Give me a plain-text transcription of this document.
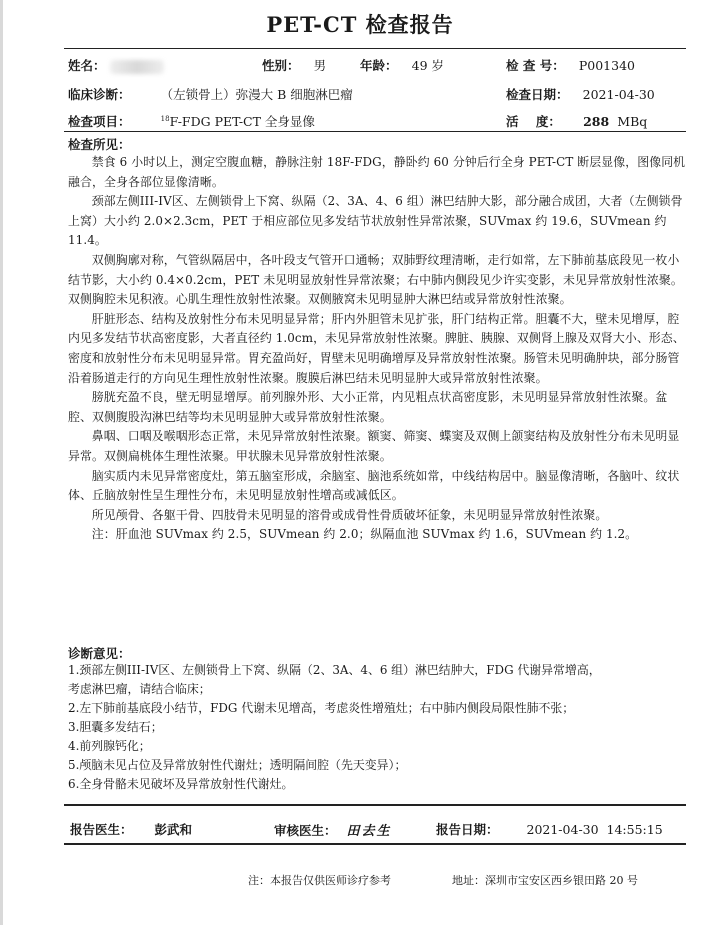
PET-CT 检查报告
姓名：	性别： 男	年龄： 49 岁	检 查 号： P001340
临床诊断： （左锁骨上）弥漫大 B 细胞淋巴瘤	检查日期： 2021-04-30
检查项目：	$^{18}$F-FDG PET-CT 全身显像	活    度： 288 MBq
检查所见：

禁食 6 小时以上，测定空腹血糖，静脉注射 18F-FDG，静卧约 60 分钟后行全身 PET-CT 断层显像，图像同机融合，全身各部位显像清晰。

颈部左侧III-IV区、左侧锁骨上下窝、纵隔（2、3A、4、6 组）淋巴结肿大影，部分融合成团，大者（左侧锁骨上窝）大小约 2.0×2.3cm，PET 于相应部位见多发结节状放射性异常浓聚，SUVmax 约 19.6，SUVmean 约 11.4。

双侧胸廓对称，气管纵隔居中，各叶段支气管开口通畅；双肺野纹理清晰，走行如常，左下肺前基底段见一枚小结节影，大小约 0.4×0.2cm，PET 未见明显放射性异常浓聚；右中肺内侧段见少许实变影，未见异常放射性浓聚。双侧胸腔未见积液。心肌生理性放射性浓聚。双侧腋窝未见明显肿大淋巴结或异常放射性浓聚。

肝脏形态、结构及放射性分布未见明显异常；肝内外胆管未见扩张，肝门结构正常。胆囊不大，壁未见增厚，腔内见多发结节状高密度影，大者直径约 1.0cm，未见异常放射性浓聚。脾脏、胰腺、双侧肾上腺及双肾大小、形态、密度和放射性分布未见明显异常。胃充盈尚好，胃壁未见明确增厚及异常放射性浓聚。肠管未见明确肿块，部分肠管沿着肠道走行的方向见生理性放射性浓聚。腹膜后淋巴结未见明显肿大或异常放射性浓聚。

膀胱充盈不良，壁无明显增厚。前列腺外形、大小正常，内见粗点状高密度影，未见明显异常放射性浓聚。盆腔、双侧腹股沟淋巴结等均未见明显肿大或异常放射性浓聚。

鼻咽、口咽及喉咽形态正常，未见异常放射性浓聚。额窦、筛窦、蝶窦及双侧上颌窦结构及放射性分布未见明显异常。双侧扁桃体生理性浓聚。甲状腺未见异常放射性浓聚。

脑实质内未见异常密度灶，第五脑室形成，余脑室、脑池系统如常，中线结构居中。脑显像清晰，各脑叶、纹状体、丘脑放射性呈生理性分布，未见明显放射性增高或减低区。

所见颅骨、各躯干骨、四肢骨未见明显的溶骨或成骨性骨质破坏征象，未见明显异常放射性浓聚。

注：肝血池 SUVmax 约 2.5，SUVmean 约 2.0；纵隔血池 SUVmax 约 1.6，SUVmean 约 1.2。

诊断意见：
1.颈部左侧III-IV区、左侧锁骨上下窝、纵隔（2、3A、4、6 组）淋巴结肿大，FDG 代谢异常增高，
考虑淋巴瘤，请结合临床；
2.左下肺前基底段小结节，FDG 代谢未见增高，考虑炎性增殖灶；右中肺内侧段局限性肺不张；
3.胆囊多发结石；
4.前列腺钙化；
5.颅脑未见占位及异常放射性代谢灶；透明隔间腔（先天变异）；
6.全身骨骼未见破坏及异常放射性代谢灶。
报告医生： 彭武和	审核医生： 田去生	报告日期： 2021-04-30  14:55:15
注：本报告仅供医师诊疗参考	地址：深圳市宝安区西乡银田路 20 号
